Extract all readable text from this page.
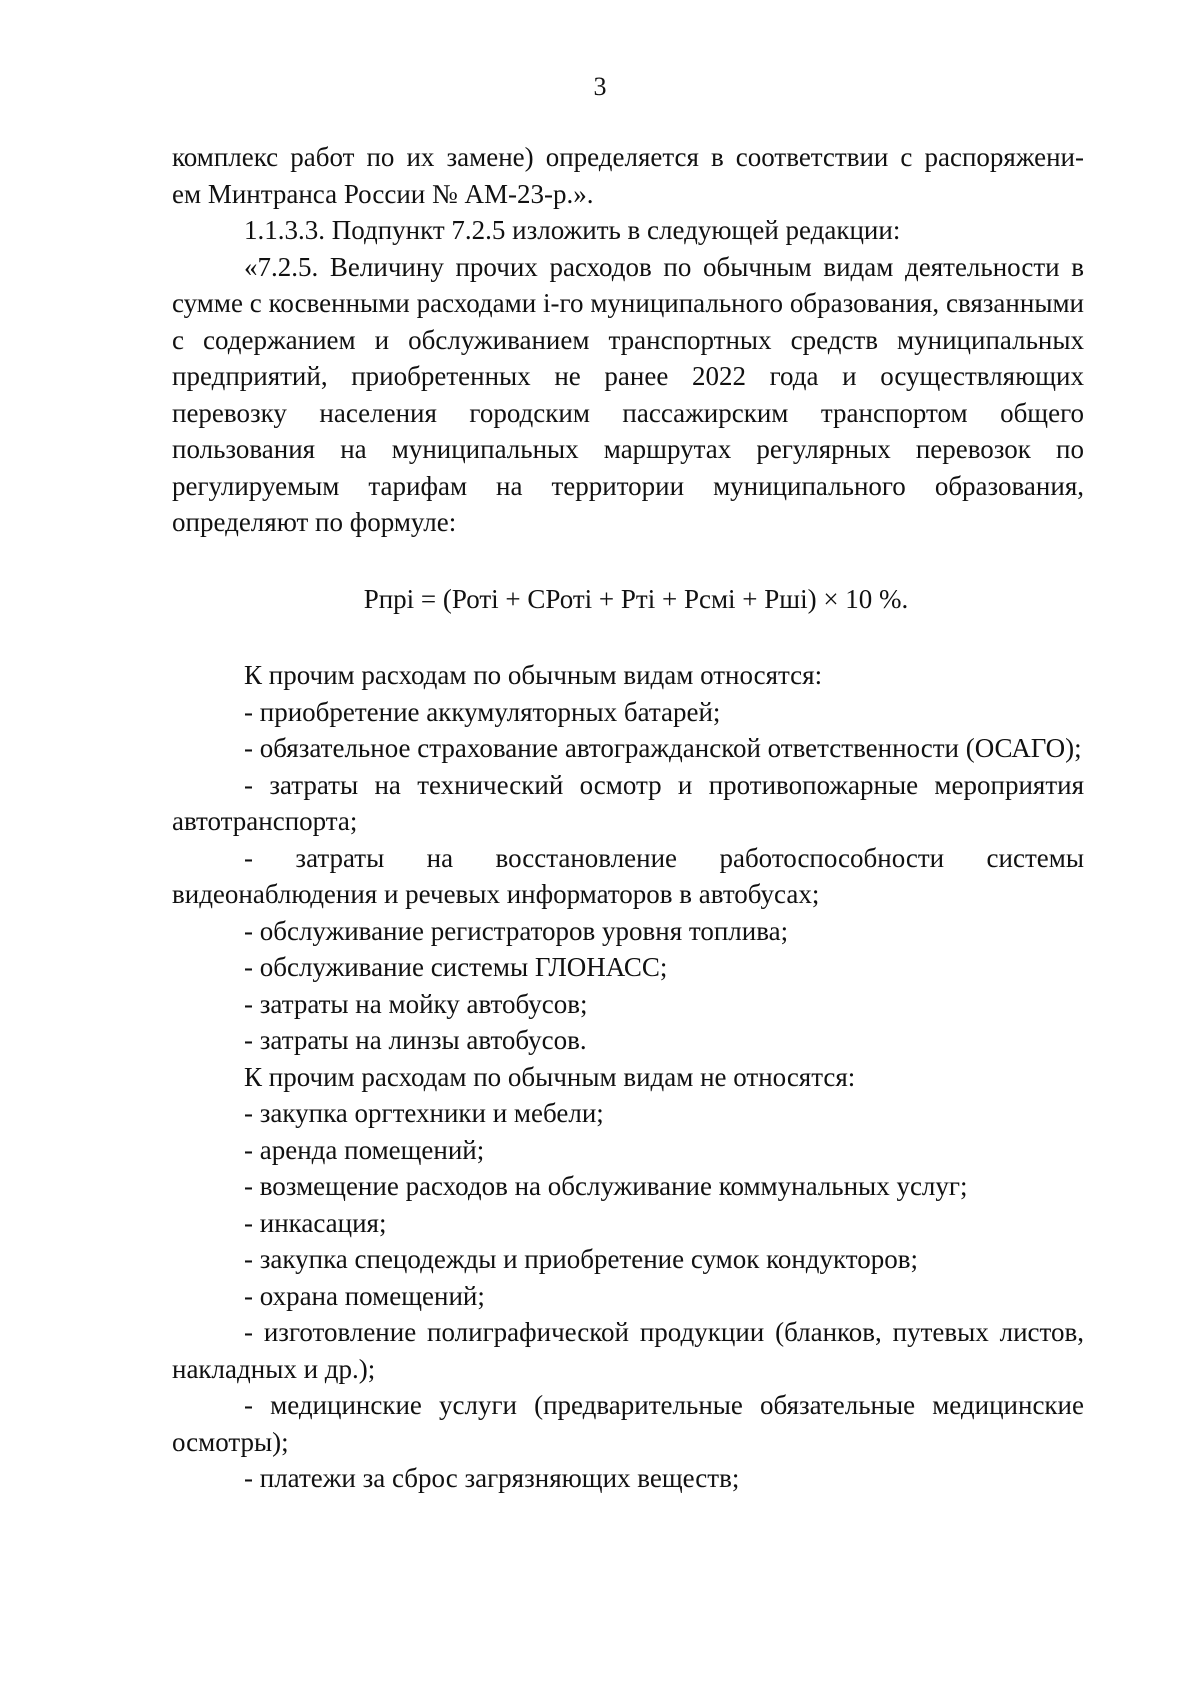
3

комплекс работ по их замене) определяется в соответствии с распоряжени-

ем Минтранса России № АМ-23-р.».

1.1.3.3. Подпункт 7.2.5 изложить в следующей редакции:

«7.2.5. Величину прочих расходов по обычным видам деятельности в сумме с косвенными расходами i-го муниципального образования, связанными с содержанием и обслуживанием транспортных средств муниципальных предприятий, приобретенных не ранее 2022 года и осуществляющих перевозку населения городским пассажирским транспортом общего пользования на муниципальных маршрутах регулярных перевозок по регулируемым тарифам на территории муниципального образования, определяют по формуле:

Рпрi = (Роті + СРоті + Рті + Рсмі + Рші) × 10 %.

К прочим расходам по обычным видам относятся:

- приобретение аккумуляторных батарей;

- обязательное страхование автогражданской ответственности (ОСАГО);

- затраты на технический осмотр и противопожарные мероприятия автотранспорта;

- затраты на восстановление работоспособности системы видеонаблюдения и речевых информаторов в автобусах;

- обслуживание регистраторов уровня топлива;

- обслуживание системы ГЛОНАСС;

- затраты на мойку автобусов;

- затраты на линзы автобусов.

К прочим расходам по обычным видам не относятся:

- закупка оргтехники и мебели;

- аренда помещений;

- возмещение расходов на обслуживание коммунальных услуг;

- инкасация;

- закупка спецодежды и приобретение сумок кондукторов;

- охрана помещений;

- изготовление полиграфической продукции (бланков, путевых листов, накладных и др.);

- медицинские услуги (предварительные обязательные медицинские осмотры);

- платежи за сброс загрязняющих веществ;
